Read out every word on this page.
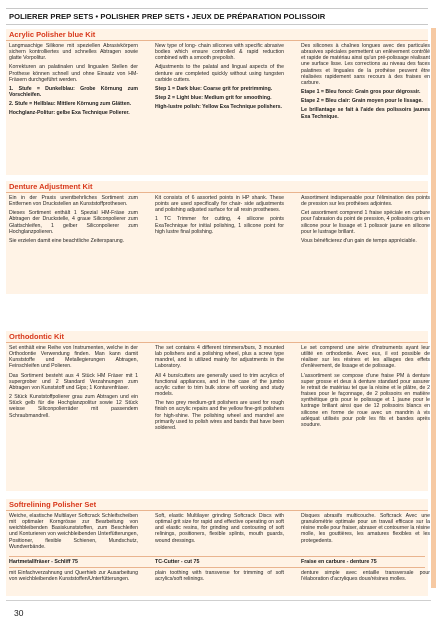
POLIERER PREP SETS • POLISHER PREP SETS • JEUX DE PRÉPARATION POLISSOIR
Acrylic Polisher blue Kit

Langmaschige Silikone mit speziellen Abrasivkörpern sichern kontrolliertes und schnelles Abtragen sowie glatte Vorpolitur.

Korrekturen an palatinalen und lingualen Stellen der Prothese können schnell und ohne Einsatz von HM- Fräsern durchgeführt werden.

1. Stufe = Dunkelblau: Grobe Körnung zum Vorschleifen.

2. Stufe = Hellblau: Mittlere Körnung zum Glätten.

Hochglanz-Politur: gelbe Exa Technique Polierer.

New type of long- chain silicones with specific abrasive bodies which ensure controlled & rapid reduction combined with a smooth prepolish.

Adjustments to the palatal and lingual aspects of the denture are completed quickly without using tungsten carbide cutters.

Step 1 = Dark blue: Coarse grit for pretrimming.

Step 2 = Light blue: Medium grit for smoothing.

High-lustre polish: Yellow Exa Technique polishers.

Des silicones à chaînes longues avec des particules abrasives spéciales permettent un enlèvement contrôlé et rapide de matériau ainsi qu'un pré-polissage réalisant une surface lisse. Les corrections au niveau des faces palatines et linguales de la prothèse peuvent être réalisées rapidement sans recours à des fraises en carbure.

Etape 1 = Bleu foncé: Grain gros pour dégrossir.

Etape 2 = Bleu clair: Grain moyen pour le lissage.

Le brillantage se fait à l'aide des polissoirs jaunes Exa Technique.

Denture Adjustment Kit

Ein in der Praxis unentbehrliches Sortiment zum Entfernen von Druckstellen an Kunststoffprothesen.

Dieses Sortiment enthält 1 Spezial HM-Fräse zum Abtragen der Druckstelle, 4 graue Siliconpolierer zum Glattschleifen, 1 gelber Siliconpolierer zum Hochglanzpolieren.

Sie erzielen damit eine beachtliche Zeitersparung.

Kit consists of 6 assorted points in HP shank. These points are used specifically for chair- side adjustments and polishing adjusted surface for all resin prostheses.

1 TC Trimmer for cutting, 4 silicone points ExaTechnique for initial polishing, 1 silicone point for high lustre final polishing.

Assortiment indispensable pour l'élimination des points de pression sur les prothèses adjointes.

Cet assortiment comprend 1 fraise spéciale en carbure pour l'abrasion du point de pression, 4 polissoirs gris en silicone pour le lissage et 1 polissoir jaune en silicone pour le lustrage brillant.

Vous bénéficierez d'un gain de temps appréciable.

Orthodontic Kit

Set enthält eine Reihe von Instrumenten, welche in der Orthodontie Verwendung finden. Man kann damit Kunststoffe und Metallegierungen Abtragen, Feinschleifen und Polieren.

Das Sortiment besteht aus 4 Stück HM Fräser mit 1 supergrober und 2 Standard Verzahnungen zum Abtragen von Kunststoff und Gips; 1 Konturenfräser.

2 Stück Kunststoffpolierer grau zum Abtragen und ein Stück gelb für die Hochglanzpolitur sowie 12 Stück weisse Siliconpolierräder mit passendem Schraubmandrell.

The set contains 4 different trimmers/burs, 3 mounted lab polishers and a polishing wheel, plus a screw type mandrel, and is utilized mainly for adjustments in the Laboratory.

All 4 burs/cutters are generally used to trim acrylics of functional appliances, and in the case of the jumbo acrylic cutter to trim bulk stone off working and study models.

The two grey medium-grit polishers are used for rough finish on acrylic repairs and the yellow fine-grit polishers for high-shine. The polishing wheel and mandrel are primarily used to polish wires and bands that have been soldered.

Le set comprend une série d'instruments ayant leur utilité en orthodontie. Avec eux, il est possible de réaliser sur les résines et les alliages des effets d'enlèvement, de lissage et de polissage.

L'assortiment se compose d'une fraise PM à denture super grosse et deux à denture standard pour assurer le retrait de matériau tel que la résine et le plâtre, de 2 fraises pour le façonnage, de 2 polissoirs en matière synthétique gris pour le polissage et 1 jaune pour le lustrage brillant ainsi que de 12 polissoirs blancs en silicone en forme de roue avec un mandrin à vis adéquat utilisés pour polir les fils et bandes après soudure.

Softrelining Polisher Set

Weiche, elastische Multilayer Softcrack Schleifscheiben mit optimaler Korngrösse zur Bearbeitung von weichbleibenden Basiskunststoffen, zum Beschleifen und Konturieren von weichbleibenden Unterfütterungen, Positioner, flexible Schienen, Mundschutz, Wundverbände.

Soft, elastic Multilayer grinding Softcrack Discs with optimal grit size for rapid and effective operating on soft and elastic resins, for grinding and contouring of soft relinings, positioners, flexible splints, mouth guards, wound dressings.

Disques abrasifs multicouche. Softcrack Avec une granulométrie optimale pour un travail efficace sur la résine molle pour fraiser, abraser et contourner la résine molle, les gouttières, les amatures flexibles et les protegedents.

Hartmetallfräser - Schliff 75	TC-Cutter - cut 75	Fraise en carbure - denture 75

mit Einfachverzahnung und Querhieb zur Ausarbeitung von weichbleibenden Kunststoffen/Unterfütterungen.

plain toothing with transverse for trimming of soft acrylics/soft relinings.

denture simple avec entaille transversale pour l'élaboration d'acryliques doux/résines molles.

30
